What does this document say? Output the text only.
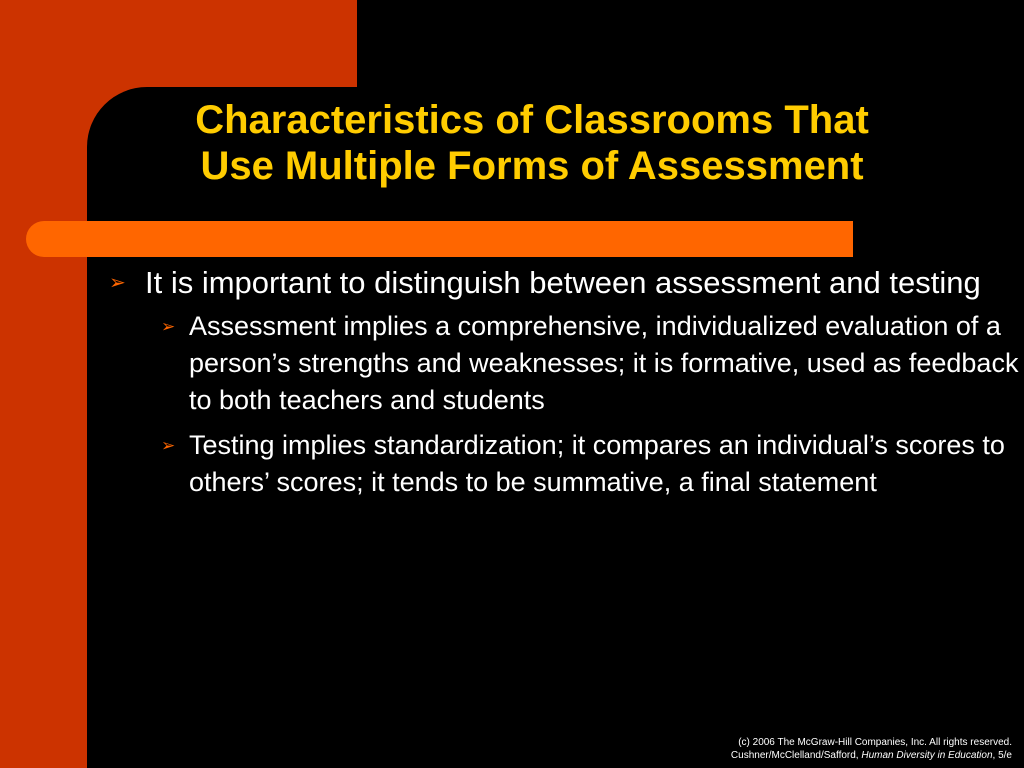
Characteristics of Classrooms That
Use Multiple Forms of Assessment
➢ It is important to distinguish between assessment and testing
➢ Assessment implies a comprehensive, individualized evaluation of a person’s strengths and weaknesses; it is formative, used as feedback to both teachers and students
➢ Testing implies standardization; it compares an individual’s scores to others’ scores; it tends to be summative, a final statement
(c) 2006 The McGraw-Hill Companies, Inc. All rights reserved.
Cushner/McClelland/Safford, Human Diversity in Education, 5/e
